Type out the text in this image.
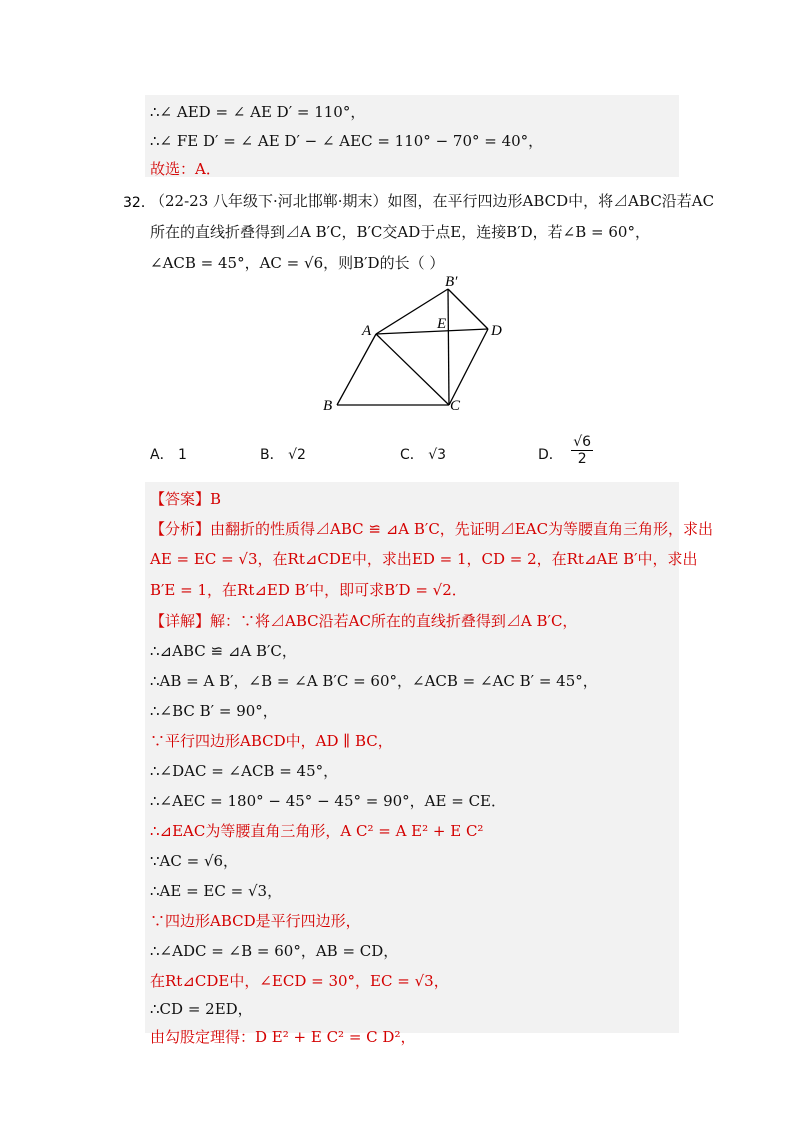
∴∠ AED = ∠ AE D′ = 110°，
∴∠ FE D′ = ∠ AE D′ − ∠ AEC = 110° − 70° = 40°，
故选：A．
32．
（22-23 八年级下·河北邯郸·期末）如图，在平行四边形ABCD中，将⊿ABC沿若AC
所在的直线折叠得到⊿A B′C，B′C交AD于点E，连接B′D，若∠B = 60°，
∠ACB = 45°，AC = √6，则B′D的长（ ）
B′
A	E	D
B	C
A． 1	B． √2	C． √3	D． $\frac{√6}{2}$
【答案】B
【分析】由翻折的性质得⊿ABC ≌ ⊿A B′C，先证明⊿EAC为等腰直角三角形，求出
AE = EC = √3，在Rt⊿CDE中，求出ED = 1，CD = 2，在Rt⊿AE B′中，求出
B′E = 1，在Rt⊿ED B′中，即可求B′D = √2．
【详解】解：∵将⊿ABC沿若AC所在的直线折叠得到⊿A B′C，
∴⊿ABC ≌ ⊿A B′C，
∴AB = A B′，∠B = ∠A B′C = 60°，∠ACB = ∠AC B′ = 45°，
∴∠BC B′ = 90°，
∵平行四边形ABCD中，AD ∥ BC，
∴∠DAC = ∠ACB = 45°，
∴∠AEC = 180° − 45° − 45° = 90°，AE = CE．
∴⊿EAC为等腰直角三角形，A C² = A E² + E C²
∵AC = √6，
∴AE = EC = √3，
∵四边形ABCD是平行四边形，
∴∠ADC = ∠B = 60°，AB = CD，
在Rt⊿CDE中，∠ECD = 30°，EC = √3，
∴CD = 2ED，
由勾股定理得：D E² + E C² = C D²，
